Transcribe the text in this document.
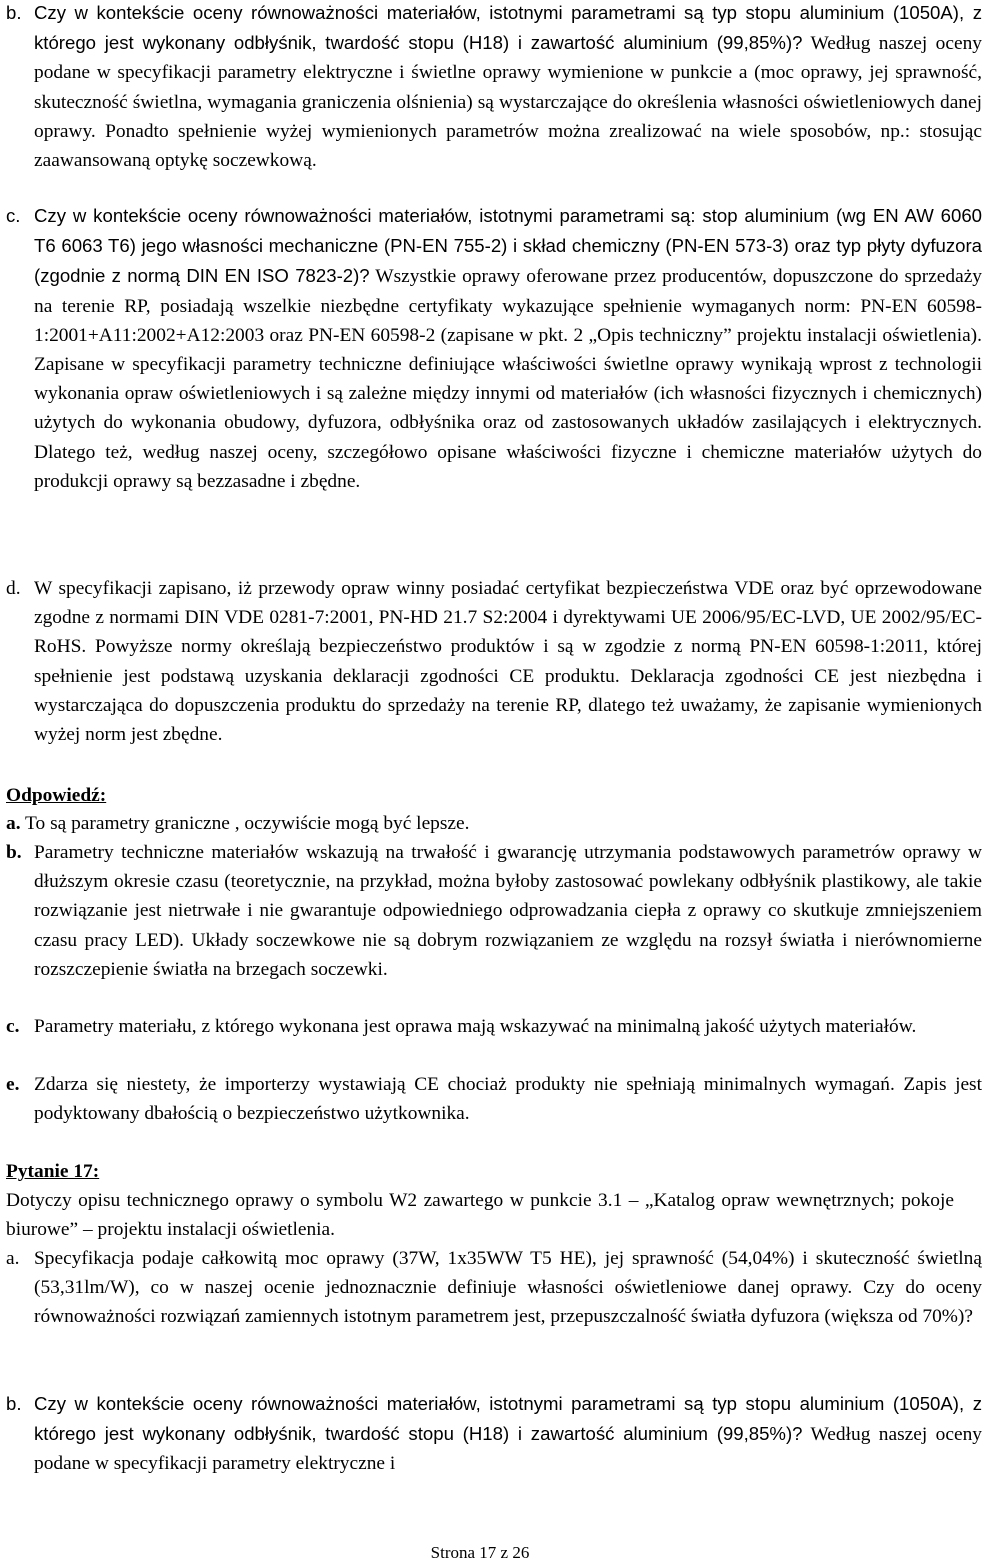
b. Czy w kontekście oceny równoważności materiałów, istotnymi parametrami są typ stopu aluminium (1050A), z którego jest wykonany odbłyśnik, twardość stopu (H18) i zawartość aluminium (99,85%)? Według naszej oceny podane w specyfikacji parametry elektryczne i świetlne oprawy wymienione w punkcie a (moc oprawy, jej sprawność, skuteczność świetlna, wymagania graniczenia olśnienia) są wystarczające do określenia własności oświetleniowych danej oprawy. Ponadto spełnienie wyżej wymienionych parametrów można zrealizować na wiele sposobów, np.: stosując zaawansowaną optykę soczewkową.
c. Czy w kontekście oceny równoważności materiałów, istotnymi parametrami są: stop aluminium (wg EN AW 6060 T6 6063 T6) jego własności mechaniczne (PN-EN 755-2) i skład chemiczny (PN-EN 573-3) oraz typ płyty dyfuzora (zgodnie z normą DIN EN ISO 7823-2)? Wszystkie oprawy oferowane przez producentów, dopuszczone do sprzedaży na terenie RP, posiadają wszelkie niezbędne certyfikaty wykazujące spełnienie wymaganych norm: PN-EN 60598-1:2001+A11:2002+A12:2003 oraz PN-EN 60598-2 (zapisane w pkt. 2 „Opis techniczny” projektu instalacji oświetlenia). Zapisane w specyfikacji parametry techniczne definiujące właściwości świetlne oprawy wynikają wprost z technologii wykonania opraw oświetleniowych i są zależne między innymi od materiałów (ich własności fizycznych i chemicznych) użytych do wykonania obudowy, dyfuzora, odbłyśnika oraz od zastosowanych układów zasilających i elektrycznych. Dlatego też, według naszej oceny, szczegółowo opisane właściwości fizyczne i chemiczne materiałów użytych do produkcji oprawy są bezzasadne i zbędne.
d. W specyfikacji zapisano, iż przewody opraw winny posiadać certyfikat bezpieczeństwa VDE oraz być oprzewodowane zgodne z normami DIN VDE 0281-7:2001, PN-HD 21.7 S2:2004 i dyrektywami UE 2006/95/EC-LVD, UE 2002/95/EC-RoHS. Powyższe normy określają bezpieczeństwo produktów i są w zgodzie z normą PN-EN 60598-1:2011, której spełnienie jest podstawą uzyskania deklaracji zgodności CE produktu. Deklaracja zgodności CE jest niezbędna i wystarczająca do dopuszczenia produktu do sprzedaży na terenie RP, dlatego też uważamy, że zapisanie wymienionych wyżej norm jest zbędne.
Odpowiedź:
a. To są parametry graniczne , oczywiście mogą być lepsze.
b. Parametry techniczne materiałów wskazują na trwałość i gwarancję utrzymania podstawowych parametrów oprawy w dłuższym okresie czasu (teoretycznie, na przykład, można byłoby zastosować powlekany odbłyśnik plastikowy, ale takie rozwiązanie jest nietrwałe i nie gwarantuje odpowiedniego odprowadzania ciepła z oprawy co skutkuje zmniejszeniem czasu pracy LED). Układy soczewkowe nie są dobrym rozwiązaniem ze względu na rozsył światła i nierównomierne rozszczepienie światła na brzegach soczewki.
c. Parametry materiału, z którego wykonana jest oprawa mają wskazywać na minimalną jakość użytych materiałów.
e. Zdarza się niestety, że importerzy wystawiają CE chociaż produkty nie spełniają minimalnych wymagań. Zapis jest podyktowany dbałością o bezpieczeństwo użytkownika.
Pytanie 17:
Dotyczy opisu technicznego oprawy o symbolu W2 zawartego w punkcie 3.1 – „Katalog opraw wewnętrznych; pokoje biurowe” – projektu instalacji oświetlenia.
a. Specyfikacja podaje całkowitą moc oprawy (37W, 1x35WW T5 HE), jej sprawność (54,04%) i skuteczność świetlną (53,31lm/W), co w naszej ocenie jednoznacznie definiuje własności oświetleniowe danej oprawy. Czy do oceny równoważności rozwiązań zamiennych istotnym parametrem jest, przepuszczalność światła dyfuzora (większa od 70%)?
b. Czy w kontekście oceny równoważności materiałów, istotnymi parametrami są typ stopu aluminium (1050A), z którego jest wykonany odbłyśnik, twardość stopu (H18) i zawartość aluminium (99,85%)? Według naszej oceny podane w specyfikacji parametry elektryczne i
Strona 17 z 26
